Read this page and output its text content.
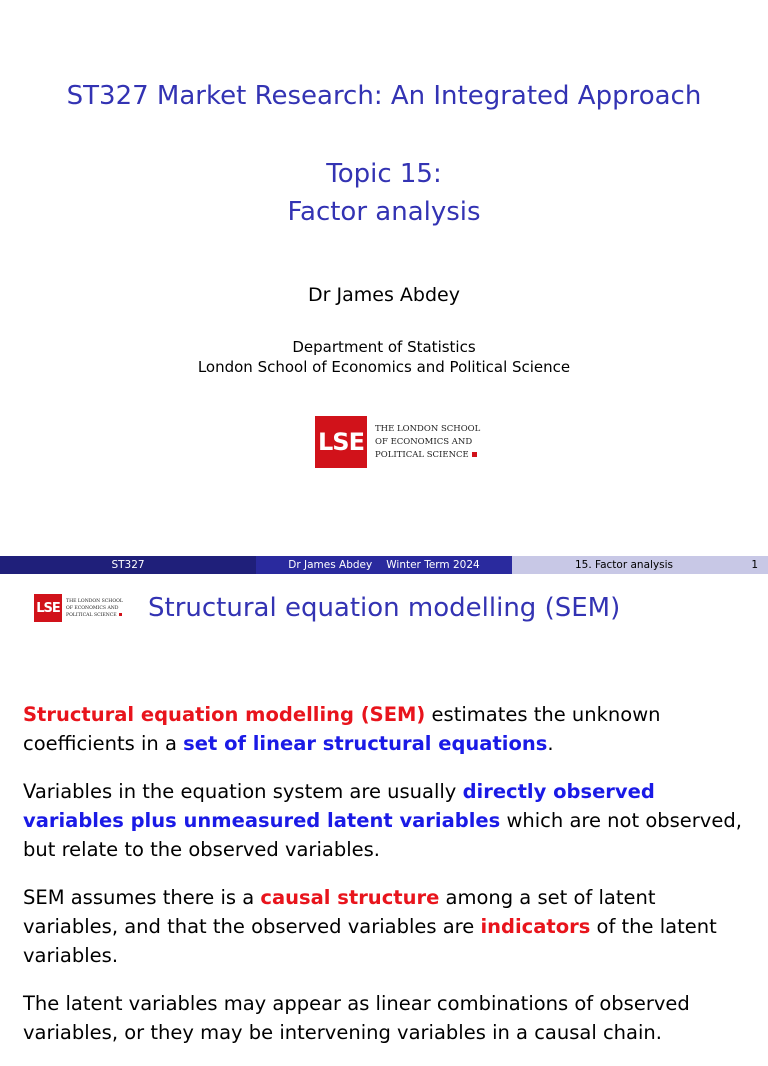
ST327 Market Research: An Integrated Approach
Topic 15:
Factor analysis
Dr James Abdey
Department of Statistics
London School of Economics and Political Science
LSE	THE LONDON SCHOOL
OF ECONOMICS AND
POLITICAL SCIENCE
ST327	Dr James Abdey Winter Term 2024	15. Factor analysis	1
LSE	THE LONDON SCHOOL
OF ECONOMICS AND
POLITICAL SCIENCE Structural equation modelling (SEM)

Structural equation modelling (SEM) estimates the unknown coefficients in a set of linear structural equations.

Variables in the equation system are usually directly observed variables plus unmeasured latent variables which are not observed, but relate to the observed variables.

SEM assumes there is a causal structure among a set of latent variables, and that the observed variables are indicators of the latent variables.

The latent variables may appear as linear combinations of observed variables, or they may be intervening variables in a causal chain.
